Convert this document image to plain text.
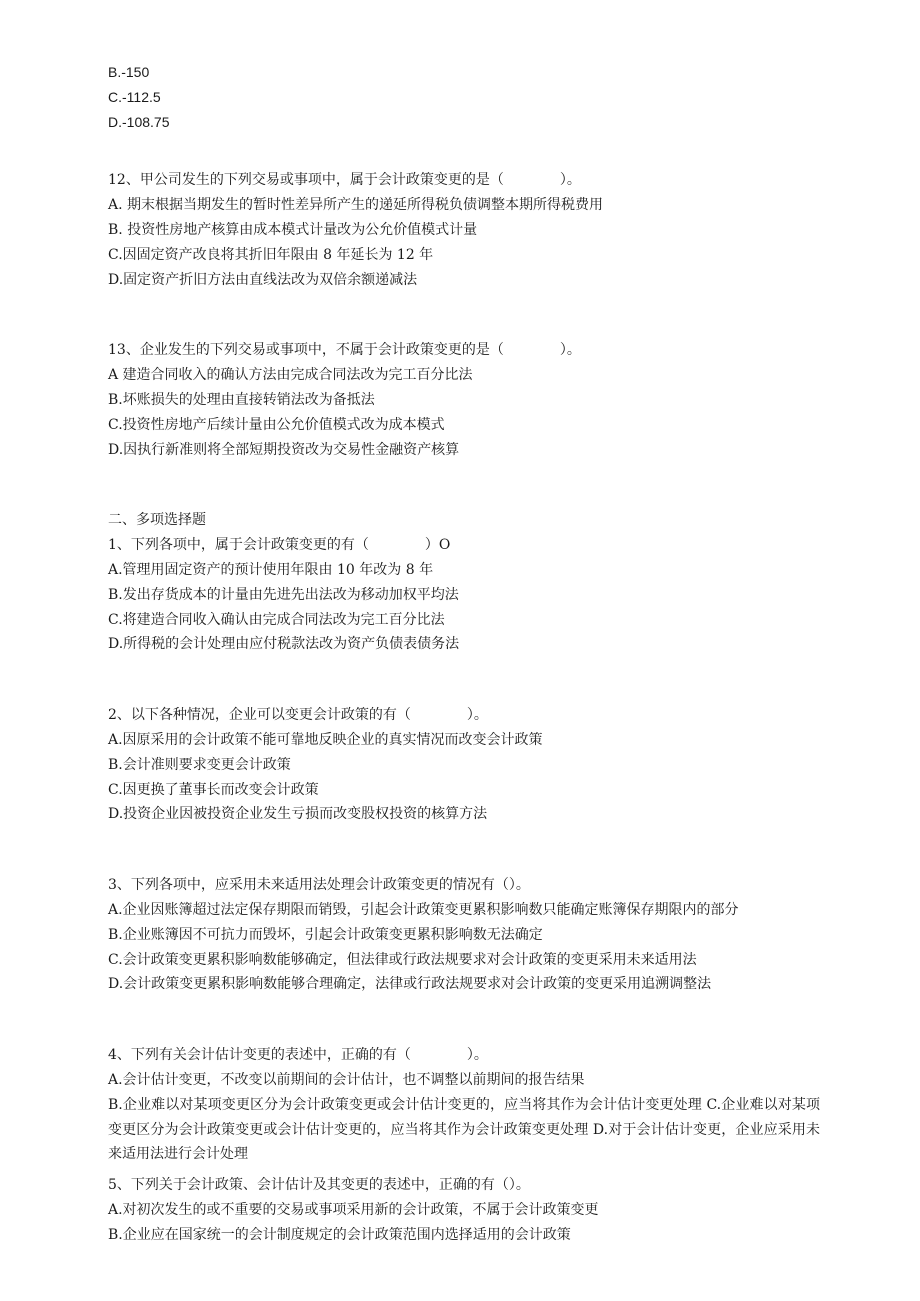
B.-150
C.-112.5
D.-108.75
12、甲公司发生的下列交易或事项中，属于会计政策变更的是（　　　　）。
A. 期末根据当期发生的暂时性差异所产生的递延所得税负债调整本期所得税费用
B. 投资性房地产核算由成本模式计量改为公允价值模式计量
C.因固定资产改良将其折旧年限由 8 年延长为 12 年
D.固定资产折旧方法由直线法改为双倍余额递减法
13、企业发生的下列交易或事项中，不属于会计政策变更的是（　　　　）。
A 建造合同收入的确认方法由完成合同法改为完工百分比法
B.坏账损失的处理由直接转销法改为备抵法
C.投资性房地产后续计量由公允价值模式改为成本模式
D.因执行新准则将全部短期投资改为交易性金融资产核算
二、多项选择题
1、下列各项中，属于会计政策变更的有（　　　　）O
A.管理用固定资产的预计使用年限由 10 年改为 8 年
B.发出存货成本的计量由先进先出法改为移动加权平均法
C.将建造合同收入确认由完成合同法改为完工百分比法
D.所得税的会计处理由应付税款法改为资产负债表债务法
2、以下各种情况，企业可以变更会计政策的有（　　　　）。
A.因原采用的会计政策不能可靠地反映企业的真实情况而改变会计政策
B.会计准则要求变更会计政策
C.因更换了董事长而改变会计政策
D.投资企业因被投资企业发生亏损而改变股权投资的核算方法
3、下列各项中，应采用未来适用法处理会计政策变更的情况有（）。
A.企业因账簿超过法定保存期限而销毁，引起会计政策变更累积影响数只能确定账簿保存期限内的部分
B.企业账簿因不可抗力而毁坏，引起会计政策变更累积影响数无法确定
C.会计政策变更累积影响数能够确定，但法律或行政法规要求对会计政策的变更采用未来适用法
D.会计政策变更累积影响数能够合理确定，法律或行政法规要求对会计政策的变更采用追溯调整法
4、下列有关会计估计变更的表述中，正确的有（　　　　）。
A.会计估计变更，不改变以前期间的会计估计，也不调整以前期间的报告结果
B.企业难以对某项变更区分为会计政策变更或会计估计变更的，应当将其作为会计估计变更处理 C.企业难以对某项变更区分为会计政策变更或会计估计变更的，应当将其作为会计政策变更处理 D.对于会计估计变更，企业应采用未来适用法进行会计处理
5、下列关于会计政策、会计估计及其变更的表述中，正确的有（）。
A.对初次发生的或不重要的交易或事项采用新的会计政策，不属于会计政策变更
B.企业应在国家统一的会计制度规定的会计政策范围内选择适用的会计政策
